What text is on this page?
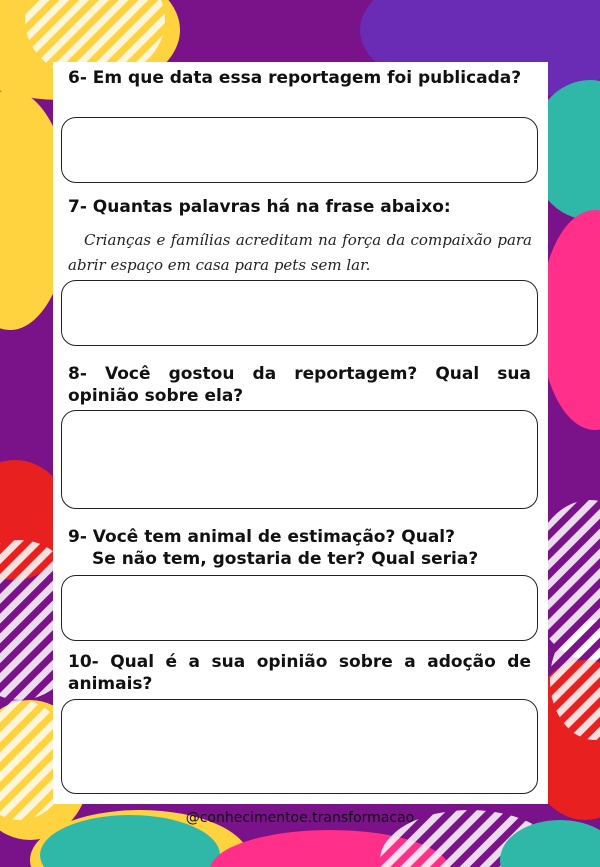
6- Em que data essa reportagem foi publicada?
7- Quantas palavras há na frase abaixo:
Crianças e famílias acreditam na força da compaixão para abrir espaço em casa para pets sem lar.
8- Você gostou da reportagem? Qual sua opinião sobre ela?
9- Você tem animal de estimação? Qual?
Se não tem, gostaria de ter? Qual seria?
10- Qual é a sua opinião sobre a adoção de animais?
@conhecimentoe.transformacao
